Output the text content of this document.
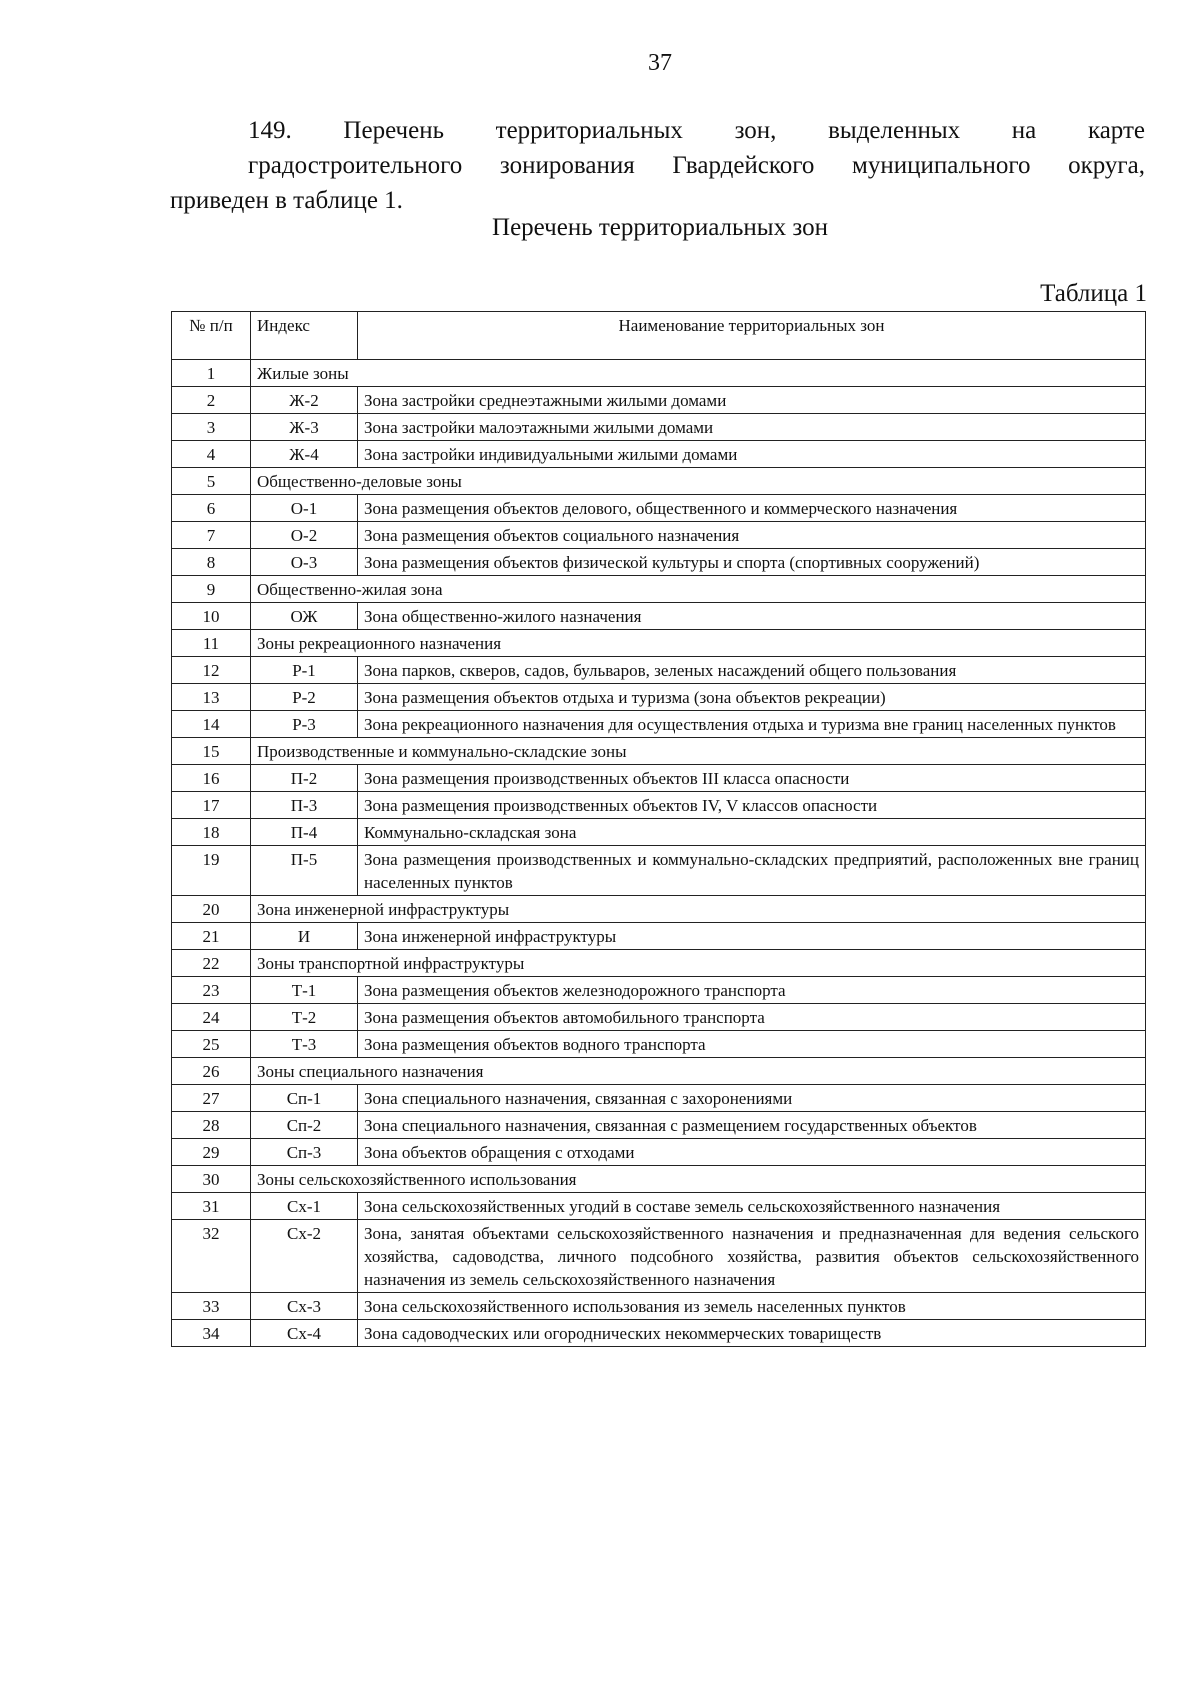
37
149. Перечень территориальных зон, выделенных на карте
градостроительного зонирования Гвардейского муниципального округа,
приведен в таблице 1.
Перечень территориальных зон
Таблица 1
№ п/п	Индекс	Наименование территориальных зон
1	Жилые зоны	
2	Ж-2	Зона застройки среднеэтажными жилыми домами
3	Ж-3	Зона застройки малоэтажными жилыми домами
4	Ж-4	Зона застройки индивидуальными жилыми домами
5	Общественно-деловые зоны	
6	О-1	Зона размещения объектов делового, общественного и коммерческого назначения
7	О-2	Зона размещения объектов социального назначения
8	О-3	Зона размещения объектов физической культуры и спорта (спортивных сооружений)
9	Общественно-жилая зона	
10	ОЖ	Зона общественно-жилого назначения
11	Зоны рекреационного назначения	
12	Р-1	Зона парков, скверов, садов, бульваров, зеленых насаждений общего пользования
13	Р-2	Зона размещения объектов отдыха и туризма (зона объектов рекреации)
14	Р-3	Зона рекреационного назначения для осуществления отдыха и туризма вне границ населенных пунктов
15	Производственные и коммунально-складские зоны	
16	П-2	Зона размещения производственных объектов III класса опасности
17	П-3	Зона размещения производственных объектов IV, V классов опасности
18	П-4	Коммунально-складская зона
19	П-5	Зона размещения производственных и коммунально-складских предприятий, расположенных вне границ населенных пунктов
20	Зона инженерной инфраструктуры	
21	И	Зона инженерной инфраструктуры
22	Зоны транспортной инфраструктуры	
23	Т-1	Зона размещения объектов железнодорожного транспорта
24	Т-2	Зона размещения объектов автомобильного транспорта
25	Т-3	Зона размещения объектов водного транспорта
26	Зоны специального назначения	
27	Сп-1	Зона специального назначения, связанная с захоронениями
28	Сп-2	Зона специального назначения, связанная с размещением государственных объектов
29	Сп-3	Зона объектов обращения с отходами
30	Зоны сельскохозяйственного использования	
31	Сх-1	Зона сельскохозяйственных угодий в составе земель сельскохозяйственного назначения
32	Сх-2	Зона, занятая объектами сельскохозяйственного назначения и предназначенная для ведения сельского хозяйства, садоводства, личного подсобного хозяйства, развития объектов сельскохозяйственного назначения из земель сельскохозяйственного назначения
33	Сх-3	Зона сельскохозяйственного использования из земель населенных пунктов
34	Сх-4	Зона садоводческих или огороднических некоммерческих товариществ
